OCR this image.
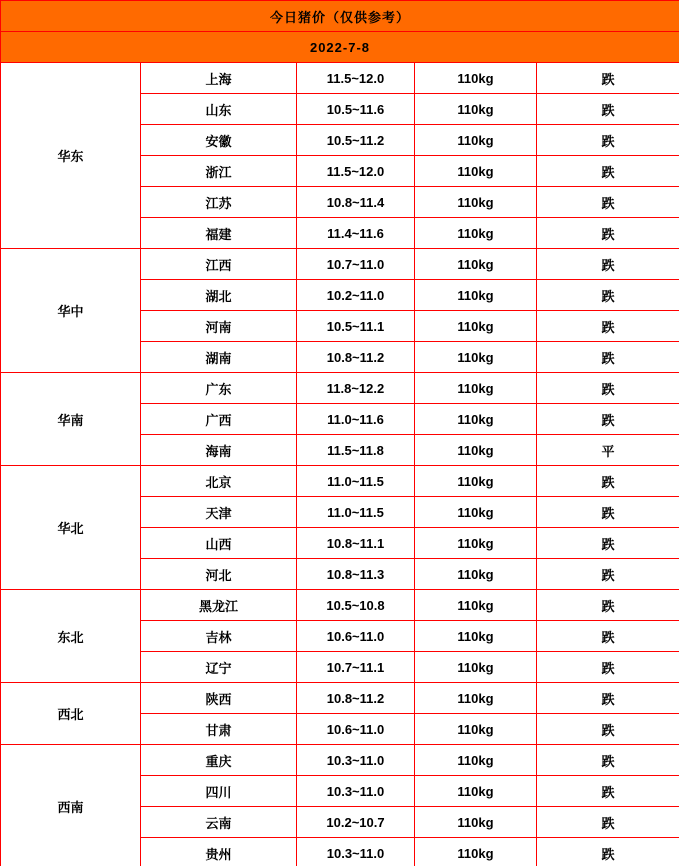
今日猪价（仅供参考）				
2022-7-8				
华东	上海	11.5~12.0	110kg	跌
	山东	10.5~11.6	110kg	跌
	安徽	10.5~11.2	110kg	跌
	浙江	11.5~12.0	110kg	跌
	江苏	10.8~11.4	110kg	跌
	福建	11.4~11.6	110kg	跌
华中	江西	10.7~11.0	110kg	跌
	湖北	10.2~11.0	110kg	跌
	河南	10.5~11.1	110kg	跌
	湖南	10.8~11.2	110kg	跌
华南	广东	11.8~12.2	110kg	跌
	广西	11.0~11.6	110kg	跌
	海南	11.5~11.8	110kg	平
华北	北京	11.0~11.5	110kg	跌
	天津	11.0~11.5	110kg	跌
	山西	10.8~11.1	110kg	跌
	河北	10.8~11.3	110kg	跌
东北	黑龙江	10.5~10.8	110kg	跌
	吉林	10.6~11.0	110kg	跌
	辽宁	10.7~11.1	110kg	跌
西北	陕西	10.8~11.2	110kg	跌
	甘肃	10.6~11.0	110kg	跌
西南	重庆	10.3~11.0	110kg	跌
	四川	10.3~11.0	110kg	跌
	云南	10.2~10.7	110kg	跌
	贵州	10.3~11.0	110kg	跌
